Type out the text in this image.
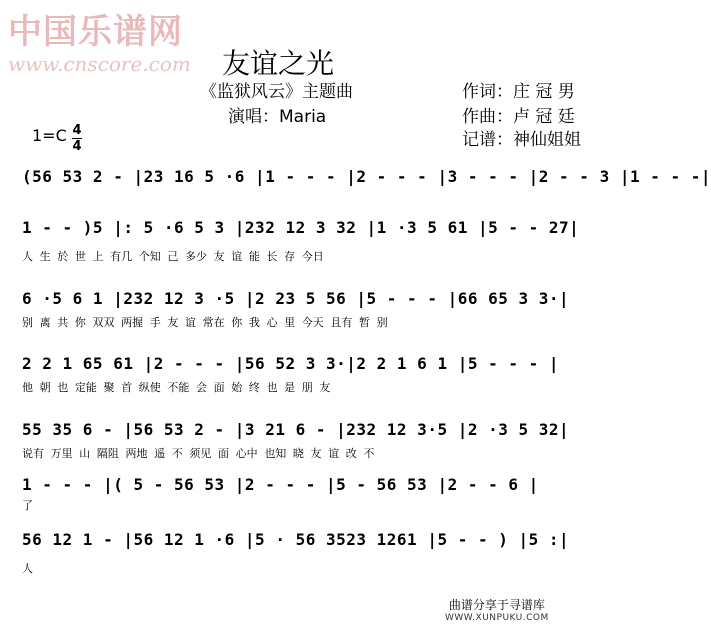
中国乐谱网
www.cnscore.com 友谊之光
《监狱风云》主题曲
演唱：Maria
作词：庄 冠 男
作曲：卢 冠 廷
记谱：神仙姐姐
1=C 4
4
(56 53 2 - |23 16 5 ·6 |1 - - - |2 - - - |3 - - - |2 - - 3 |1 - - -|
1 - - )5 |: 5 ·6 5 3 |232 12 3 32 |1 ·3 5 61 |5 - - 27|
人 生 於 世 上 有几 个知 己 多少 友 谊 能 长 存 今日
6 ·5 6 1 |232 12 3 ·5 |2 23 5 56 |5 - - - |66 65 3 3·|
别 离 共 你 双双 两握 手 友 谊 常在 你 我 心 里 今天 且有 暂 别
2 2 1 65 61 |2 - - - |56 52 3 3·|2 2 1 6 1 |5 - - - |
他 朝 也 定能 聚 首 纵使 不能 会 面 始 终 也 是 朋 友
55 35 6 - |56 53 2 - |3 21 6 - |232 12 3·5 |2 ·3 5 32|
说有 万里 山 隔阻 两地 遥 不 须见 面 心中 也知 晓 友 谊 改 不
1 - - - |( 5 - 56 53 |2 - - - |5 - 56 53 |2 - - 6 |
了
56 12 1 - |56 12 1 ·6 |5 · 56 3523 1261 |5 - - ) |5 :|
人
曲谱分享于寻谱库
WWW.XUNPUKU.COM
